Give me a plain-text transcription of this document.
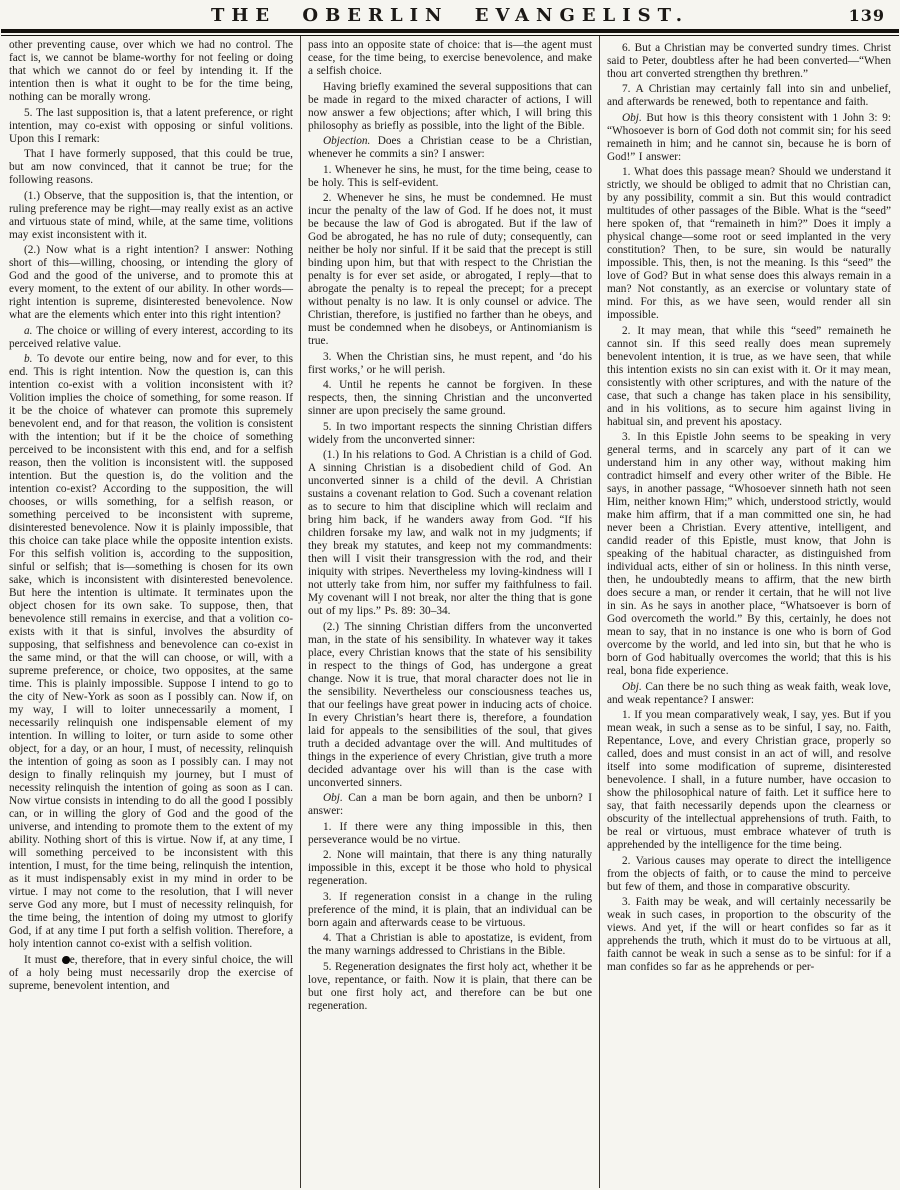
THE OBERLIN EVANGELIST.	139

other preventing cause, over which we had no control. The fact is, we cannot be blame-worthy for not feeling or doing that which we cannot do or feel by intending it. If the intention then is what it ought to be for the time being, nothing can be morally wrong.

5. The last supposition is, that a latent preference, or right intention, may co-exist with opposing or sinful volitions. Upon this I remark:

That I have formerly supposed, that this could be true, but am now convinced, that it cannot be true; for the following reasons.

(1.) Observe, that the supposition is, that the intention, or ruling preference may be right—may really exist as an active and virtuous state of mind, while, at the same time, volitions may exist inconsistent with it.

(2.) Now what is a right intention? I answer: Nothing short of this—willing, choosing, or intending the glory of God and the good of the universe, and to promote this at every moment, to the extent of our ability. In other words—right intention is supreme, disinterested benevolence. Now what are the elements which enter into this right intention?

a. The choice or willing of every interest, according to its perceived relative value.

b. To devote our entire being, now and for ever, to this end. This is right intention. Now the question is, can this intention co-exist with a volition inconsistent with it? Volition implies the choice of something, for some reason. If it be the choice of whatever can promote this supremely benevolent end, and for that reason, the volition is consistent with the intention; but if it be the choice of something perceived to be inconsistent with this end, and for a selfish reason, then the volition is inconsistent witl. the supposed intention. But the question is, do the volition and the intention co-exist? According to the supposition, the will chooses, or wills something, for a selfish reason, or something perceived to be inconsistent with supreme, disinterested benevolence. Now it is plainly impossible, that this choice can take place while the opposite intention exists. For this selfish volition is, according to the supposition, sinful or selfish; that is—something is chosen for its own sake, which is inconsistent with disinterested benevolence. But here the intention is ultimate. It terminates upon the object chosen for its own sake. To suppose, then, that benevolence still remains in exercise, and that a volition co-exists with it that is sinful, involves the absurdity of supposing, that selfishness and benevolence can co-exist in the same mind, or that the will can choose, or will, with a supreme preference, or choice, two opposites, at the same time. This is plainly impossible. Suppose I intend to go to the city of New-York as soon as I possibly can. Now if, on my way, I will to loiter unnecessarily a moment, I necessarily relinquish one indispensable element of my intention. In willing to loiter, or turn aside to some other object, for a day, or an hour, I must, of necessity, relinquish the intention of going as soon as I possibly can. I may not design to finally relinquish my journey, but I must of necessity relinquish the intention of going as soon as I can. Now virtue consists in intending to do all the good I possibly can, or in willing the glory of God and the good of the universe, and intending to promote them to the extent of my ability. Nothing short of this is virtue. Now if, at any time, I will something perceived to be inconsistent with this intention, I must, for the time being, relinquish the intention, as it must indispensably exist in my mind in order to be virtue. I may not come to the resolution, that I will never serve God any more, but I must of necessity relinquish, for the time being, the intention of doing my utmost to glorify God, if at any time I put forth a selfish volition. Therefore, a holy intention cannot co-exist with a selfish volition.

It must e, therefore, that in every sinful choice, the will of a holy being must necessarily drop the exercise of supreme, benevolent intention, and

pass into an opposite state of choice: that is—the agent must cease, for the time being, to exercise benevolence, and make a selfish choice.

Having briefly examined the several suppositions that can be made in regard to the mixed character of actions, I will now answer a few objections; after which, I will bring this philosophy as briefly as possible, into the light of the Bible.

Objection. Does a Christian cease to be a Christian, whenever he commits a sin? I answer:

1. Whenever he sins, he must, for the time being, cease to be holy. This is self-evident.

2. Whenever he sins, he must be condemned. He must incur the penalty of the law of God. If he does not, it must be because the law of God is abrogated. But if the law of God be abrogated, he has no rule of duty; consequently, can neither be holy nor sinful. If it be said that the precept is still binding upon him, but that with respect to the Christian the penalty is for ever set aside, or abrogated, I reply—that to abrogate the penalty is to repeal the precept; for a precept without penalty is no law. It is only counsel or advice. The Christian, therefore, is justified no farther than he obeys, and must be condemned when he disobeys, or Antinomianism is true.

3. When the Christian sins, he must repent, and ‘do his first works,’ or he will perish.

4. Until he repents he cannot be forgiven. In these respects, then, the sinning Christian and the unconverted sinner are upon precisely the same ground.

5. In two important respects the sinning Christian differs widely from the unconverted sinner:

(1.) In his relations to God. A Christian is a child of God. A sinning Christian is a disobedient child of God. An unconverted sinner is a child of the devil. A Christian sustains a covenant relation to God. Such a covenant relation as to secure to him that discipline which will reclaim and bring him back, if he wanders away from God. “If his children forsake my law, and walk not in my judgments; if they break my statutes, and keep not my commandments: then will I visit their transgression with the rod, and their iniquity with stripes. Nevertheless my loving-kindness will I not utterly take from him, nor suffer my faithfulness to fail. My covenant will I not break, nor alter the thing that is gone out of my lips.” Ps. 89: 30–34.

(2.) The sinning Christian differs from the unconverted man, in the state of his sensibility. In whatever way it takes place, every Christian knows that the state of his sensibility in respect to the things of God, has undergone a great change. Now it is true, that moral character does not lie in the sensibility. Nevertheless our consciousness teaches us, that our feelings have great power in inducing acts of choice. In every Christian’s heart there is, therefore, a foundation laid for appeals to the sensibilities of the soul, that gives truth a decided advantage over the will. And multitudes of things in the experience of every Christian, give truth a more decided advantage over his will than is the case with unconverted sinners.

Obj. Can a man be born again, and then be unborn? I answer:

1. If there were any thing impossible in this, then perseverance would be no virtue.

2. None will maintain, that there is any thing naturally impossible in this, except it be those who hold to physical regeneration.

3. If regeneration consist in a change in the ruling preference of the mind, it is plain, that an individual can be born again and afterwards cease to be virtuous.

4. That a Christian is able to apostatize, is evident, from the many warnings addressed to Christians in the Bible.

5. Regeneration designates the first holy act, whether it be love, repentance, or faith. Now it is plain, that there can be but one first holy act, and therefore can be but one regeneration.

6. But a Christian may be converted sundry times. Christ said to Peter, doubtless after he had been converted—“When thou art converted strengthen thy brethren.”

7. A Christian may certainly fall into sin and unbelief, and afterwards be renewed, both to repentance and faith.

Obj. But how is this theory consistent with 1 John 3: 9: “Whosoever is born of God doth not commit sin; for his seed remaineth in him; and he cannot sin, because he is born of God!” I answer:

1. What does this passage mean? Should we understand it strictly, we should be obliged to admit that no Christian can, by any possibility, commit a sin. But this would contradict multitudes of other passages of the Bible. What is the “seed” here spoken of, that “remaineth in him?” Does it imply a physical change—some root or seed implanted in the very constitution? Then, to be sure, sin would be naturally impossible. This, then, is not the meaning. Is this “seed” the love of God? But in what sense does this always remain in a man? Not constantly, as an exercise or voluntary state of mind. For this, as we have seen, would render all sin impossible.

2. It may mean, that while this “seed” remaineth he cannot sin. If this seed really does mean supremely benevolent intention, it is true, as we have seen, that while this intention exists no sin can exist with it. Or it may mean, consistently with other scriptures, and with the nature of the case, that such a change has taken place in his sensibility, and in his volitions, as to secure him against living in habitual sin, and prevent his apostacy.

3. In this Epistle John seems to be speaking in very general terms, and in scarcely any part of it can we understand him in any other way, without making him contradict himself and every other writer of the Bible. He says, in another passage, “Whosoever sinneth hath not seen Him, neither known Him;” which, understood strictly, would make him affirm, that if a man committed one sin, he had never been a Christian. Every attentive, intelligent, and candid reader of this Epistle, must know, that John is speaking of the habitual character, as distinguished from individual acts, either of sin or holiness. In this ninth verse, then, he undoubtedly means to affirm, that the new birth does secure a man, or render it certain, that he will not live in sin. As he says in another place, “Whatsoever is born of God overcometh the world.” By this, certainly, he does not mean to say, that in no instance is one who is born of God overcome by the world, and led into sin, but that he who is born of God habitually overcomes the world; that this is his real, bona fide experience.

Obj. Can there be no such thing as weak faith, weak love, and weak repentance? I answer:

1. If you mean comparatively weak, I say, yes. But if you mean weak, in such a sense as to be sinful, I say, no. Faith, Repentance, Love, and every Christian grace, properly so called, does and must consist in an act of will, and resolve itself into some modification of supreme, disinterested benevolence. I shall, in a future number, have occasion to show the philosophical nature of faith. Let it suffice here to say, that faith necessarily depends upon the clearness or obscurity of the intellectual apprehensions of truth. Faith, to be real or virtuous, must embrace whatever of truth is apprehended by the intelligence for the time being.

2. Various causes may operate to direct the intelligence from the objects of faith, or to cause the mind to perceive but few of them, and those in comparative obscurity.

3. Faith may be weak, and will certainly necessarily be weak in such cases, in proportion to the obscurity of the views. And yet, if the will or heart confides so far as it apprehends the truth, which it must do to be virtuous at all, faith cannot be weak in such a sense as to be sinful: for if a man confides so far as he apprehends or per-
